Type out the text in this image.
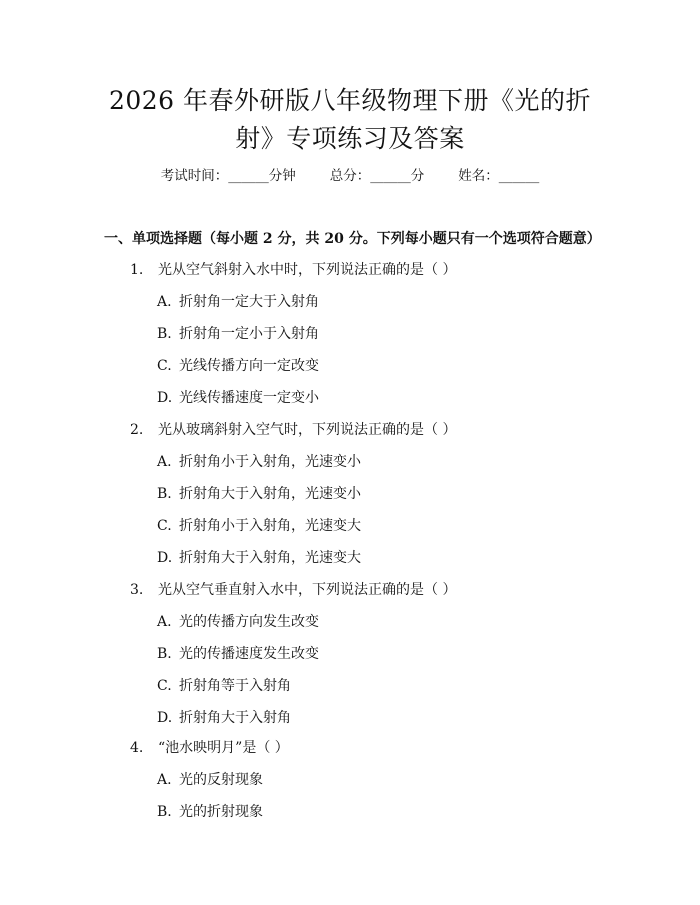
2026 年春外研版八年级物理下册《光的折
射》专项练习及答案
考试时间：______分钟	总分：______分	姓名：______
一、单项选择题（每小题 2 分，共 20 分。下列每小题只有一个选项符合题意）
1. 光从空气斜射入水中时，下列说法正确的是（ ）
A. 折射角一定大于入射角
B. 折射角一定小于入射角
C. 光线传播方向一定改变
D. 光线传播速度一定变小
2. 光从玻璃斜射入空气时，下列说法正确的是（ ）
A. 折射角小于入射角，光速变小
B. 折射角大于入射角，光速变小
C. 折射角小于入射角，光速变大
D. 折射角大于入射角，光速变大
3. 光从空气垂直射入水中，下列说法正确的是（ ）
A. 光的传播方向发生改变
B. 光的传播速度发生改变
C. 折射角等于入射角
D. 折射角大于入射角
4. “池水映明月”是（ ）
A. 光的反射现象
B. 光的折射现象
